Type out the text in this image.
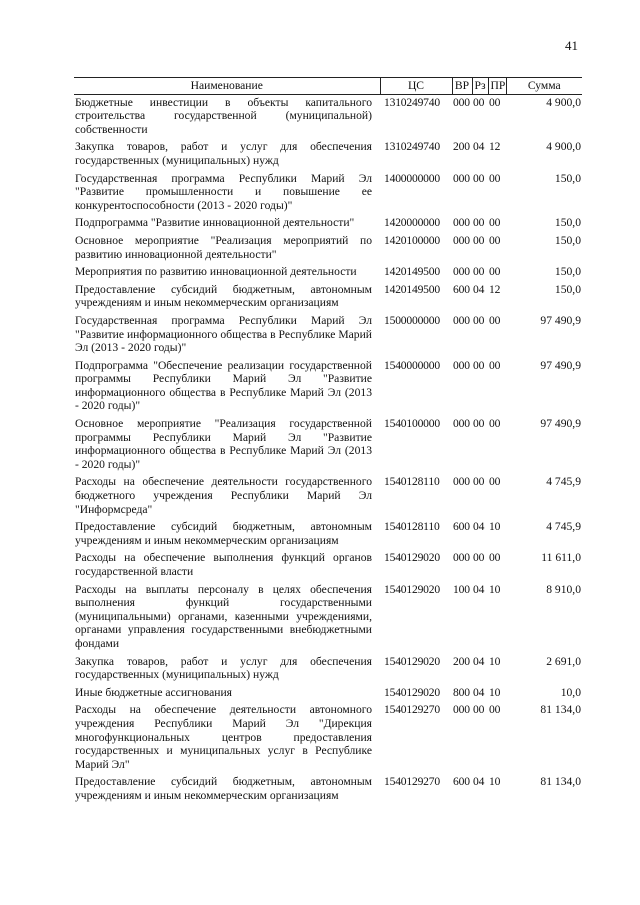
41
Наименование	ЦС	ВР	Рз	ПР	Сумма
Бюджетные инвестиции в объекты капитального строительства государственной (муниципальной) собственности	1310249740	000	00	00	4 900,0
Закупка товаров, работ и услуг для обеспечения государственных (муниципальных) нужд	1310249740	200	04	12	4 900,0
Государственная программа Республики Марий Эл "Развитие промышленности и повышение ее конкурентоспособности (2013 - 2020 годы)"	1400000000	000	00	00	150,0
Подпрограмма "Развитие инновационной деятельности"	1420000000	000	00	00	150,0
Основное мероприятие "Реализация мероприятий по развитию инновационной деятельности"	1420100000	000	00	00	150,0
Мероприятия по развитию инновационной деятельности	1420149500	000	00	00	150,0
Предоставление субсидий бюджетным, автономным учреждениям и иным некоммерческим организациям	1420149500	600	04	12	150,0
Государственная программа Республики Марий Эл "Развитие информационного общества в Республике Марий Эл (2013 - 2020 годы)"	1500000000	000	00	00	97 490,9
Подпрограмма "Обеспечение реализации государственной программы Республики Марий Эл "Развитие информационного общества в Республике Марий Эл (2013 - 2020 годы)"	1540000000	000	00	00	97 490,9
Основное мероприятие "Реализация государственной программы Республики Марий Эл "Развитие информационного общества в Республике Марий Эл (2013 - 2020 годы)"	1540100000	000	00	00	97 490,9
Расходы на обеспечение деятельности государственного бюджетного учреждения Республики Марий Эл "Информсреда"	1540128110	000	00	00	4 745,9
Предоставление субсидий бюджетным, автономным учреждениям и иным некоммерческим организациям	1540128110	600	04	10	4 745,9
Расходы на обеспечение выполнения функций органов государственной власти	1540129020	000	00	00	11 611,0
Расходы на выплаты персоналу в целях обеспечения выполнения функций государственными (муниципальными) органами, казенными учреждениями, органами управления государственными внебюджетными фондами	1540129020	100	04	10	8 910,0
Закупка товаров, работ и услуг для обеспечения государственных (муниципальных) нужд	1540129020	200	04	10	2 691,0
Иные бюджетные ассигнования	1540129020	800	04	10	10,0
Расходы на обеспечение деятельности автономного учреждения Республики Марий Эл "Дирекция многофункциональных центров предоставления государственных и муниципальных услуг в Республике Марий Эл"	1540129270	000	00	00	81 134,0
Предоставление субсидий бюджетным, автономным учреждениям и иным некоммерческим организациям	1540129270	600	04	10	81 134,0
